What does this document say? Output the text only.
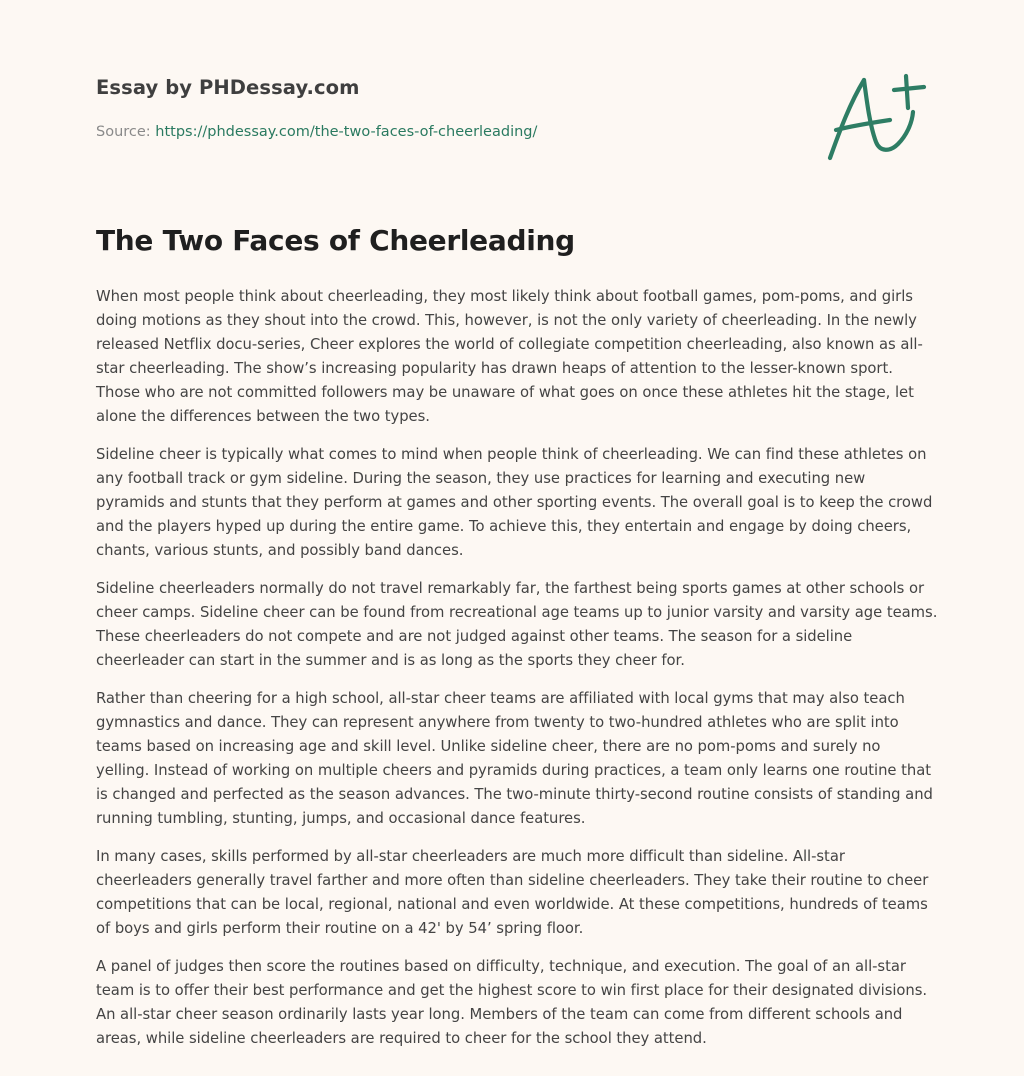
Essay by PHDessay.com
Source: https://phdessay.com/the-two-faces-of-cheerleading/
The Two Faces of Cheerleading

When most people think about cheerleading, they most likely think about football games, pom-poms, and girls doing motions as they shout into the crowd. This, however, is not the only variety of cheerleading. In the newly released Netflix docu-series, Cheer explores the world of collegiate competition cheerleading, also known as all-star cheerleading. The show’s increasing popularity has drawn heaps of attention to the lesser-known sport. Those who are not committed followers may be unaware of what goes on once these athletes hit the stage, let alone the differences between the two types.

Sideline cheer is typically what comes to mind when people think of cheerleading. We can find these athletes on any football track or gym sideline. During the season, they use practices for learning and executing new pyramids and stunts that they perform at games and other sporting events. The overall goal is to keep the crowd and the players hyped up during the entire game. To achieve this, they entertain and engage by doing cheers, chants, various stunts, and possibly band dances.

Sideline cheerleaders normally do not travel remarkably far, the farthest being sports games at other schools or cheer camps. Sideline cheer can be found from recreational age teams up to junior varsity and varsity age teams. These cheerleaders do not compete and are not judged against other teams. The season for a sideline cheerleader can start in the summer and is as long as the sports they cheer for.

Rather than cheering for a high school, all-star cheer teams are affiliated with local gyms that may also teach gymnastics and dance. They can represent anywhere from twenty to two-hundred athletes who are split into teams based on increasing age and skill level. Unlike sideline cheer, there are no pom-poms and surely no yelling. Instead of working on multiple cheers and pyramids during practices, a team only learns one routine that is changed and perfected as the season advances. The two-minute thirty-second routine consists of standing and running tumbling, stunting, jumps, and occasional dance features.

In many cases, skills performed by all-star cheerleaders are much more difficult than sideline. All-star cheerleaders generally travel farther and more often than sideline cheerleaders. They take their routine to cheer competitions that can be local, regional, national and even worldwide. At these competitions, hundreds of teams of boys and girls perform their routine on a 42' by 54’ spring floor.

A panel of judges then score the routines based on difficulty, technique, and execution. The goal of an all-star team is to offer their best performance and get the highest score to win first place for their designated divisions. An all-star cheer season ordinarily lasts year long. Members of the team can come from different schools and areas, while sideline cheerleaders are required to cheer for the school they attend.
